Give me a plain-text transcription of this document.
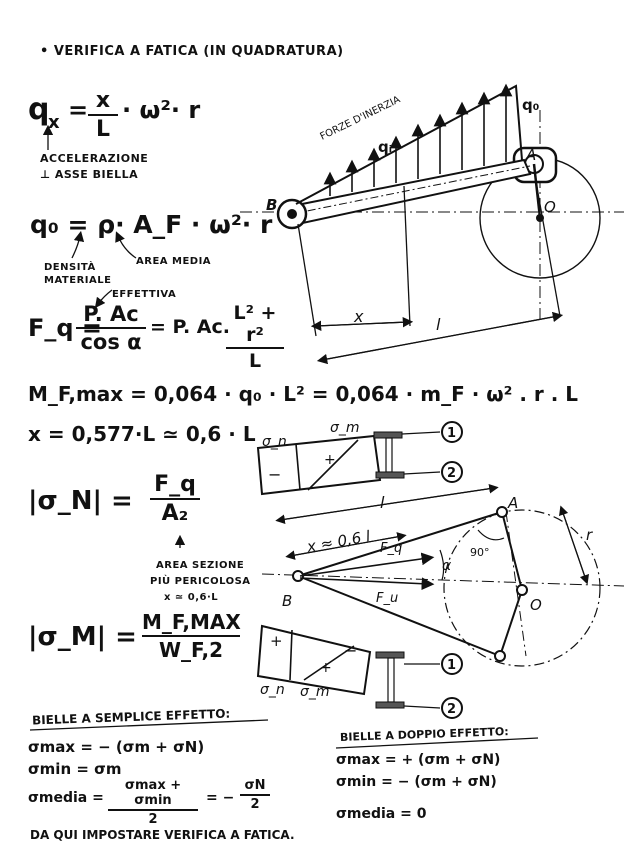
• VERIFICA A FATICA (IN QUADRATURA)
q
x = x
L
· ω²· r
ACCELERAZIONE
⊥ ASSE BIELLA
q₀ = ρ· A_F · ω²· r
DENSITÀ
MATERIALE
AREA MEDIA
EFFETTIVA
F_q =
P. Ac
cos α
= P. Ac.
L² + r²
L
M_F,max = 0,064 · q₀ · L² = 0,064 · m_F · ω² . r . L
x = 0,577·L ≃ 0,6 · L
|σ_N| =
F_q
A₂
AREA SEZIONE
PIÙ PERICOLOSA
x ≃ 0,6·L
|σ_M| = M_F,MAX
W_F,2
FORZE D'INERZIA	q₀
qᵢ	A
B	O
x	l
σ_m
σ_n
+
−
1
2
l	A
B	O
r
x ≈ 0,6 l
α
90°
F_q
F_u
+	−
+
σ_n σ_m
1
2
BIELLE A SEMPLICE EFFETTO:
σmax = − (σm + σN)
σmin = σm
σmedia =
σmax + σmin
2
= −
σN
2
BIELLE A DOPPIO EFFETTO:
σmax = + (σm + σN)
σmin = − (σm + σN)
σmedia = 0
DA QUI IMPOSTARE VERIFICA A FATICA.
